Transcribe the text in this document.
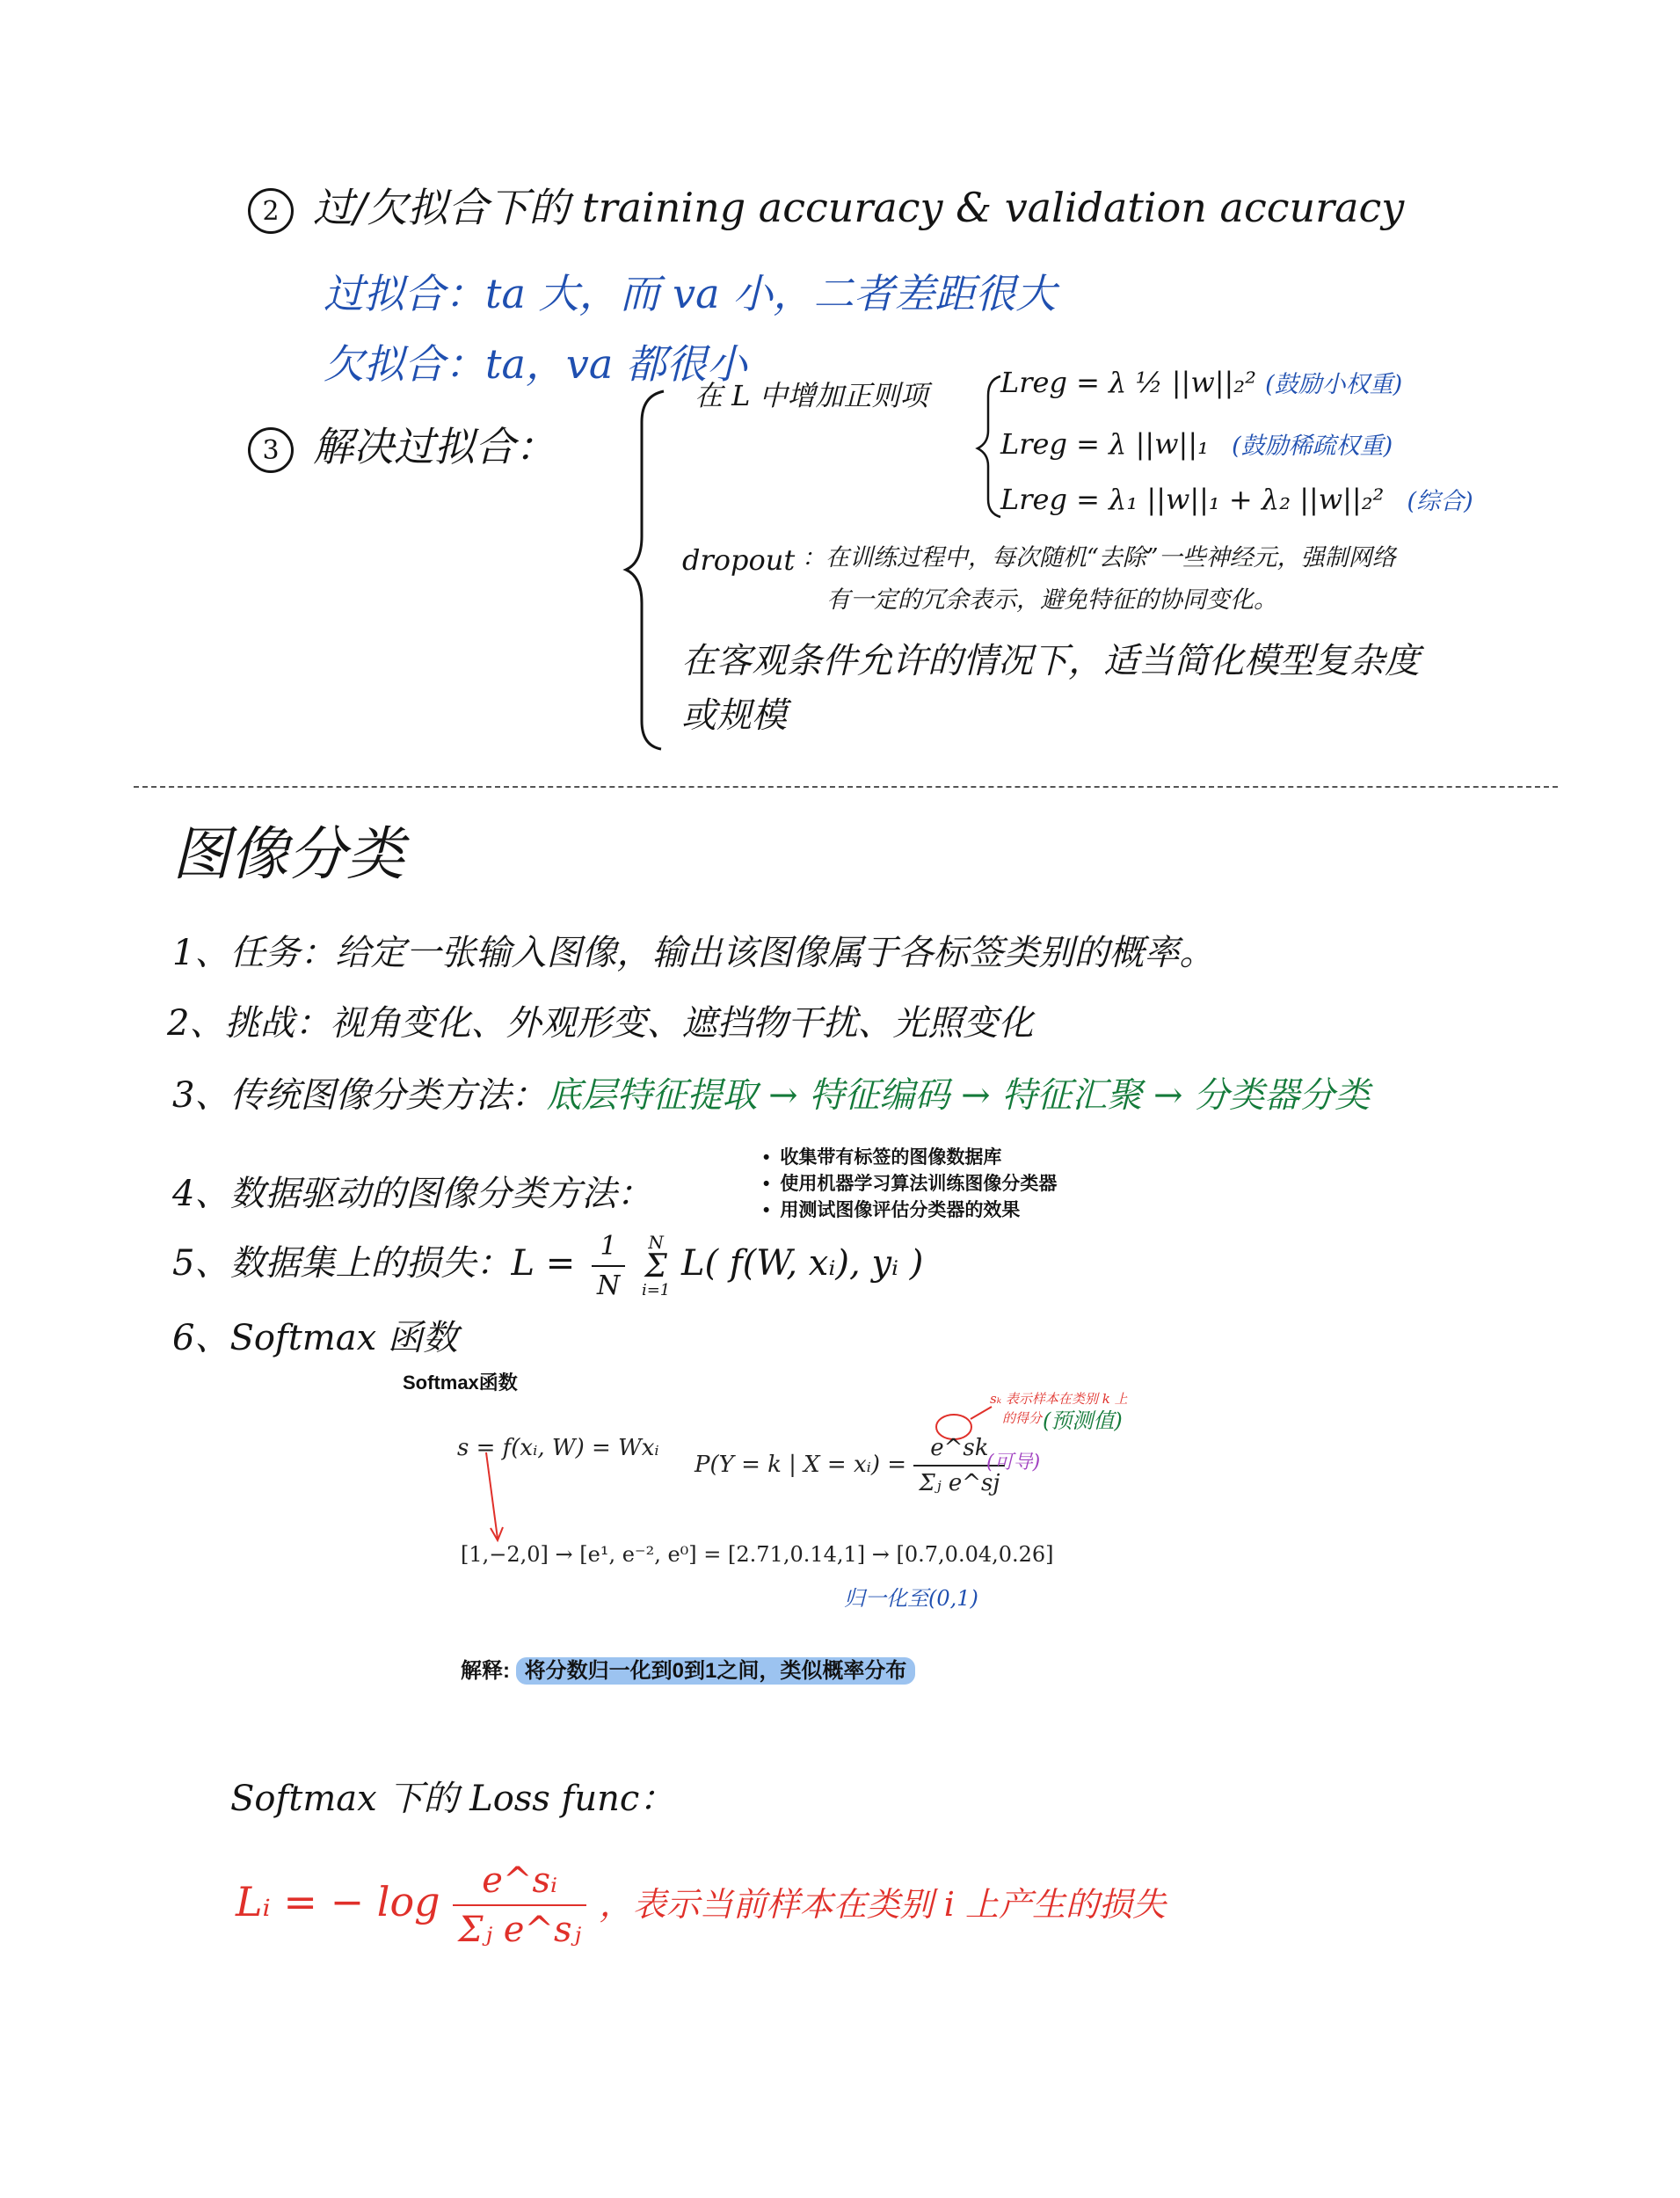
2 过/欠拟合下的 training accuracy & validation accuracy
过拟合：ta 大，而 va 小，二者差距很大
欠拟合：ta，va 都很小
3 解决过拟合：
在 L 中增加正则项	Lreg = λ ½ ||w||₂² (鼓励小权重)
Lreg = λ ||w||₁ (鼓励稀疏权重)
Lreg = λ₁ ||w||₁ + λ₂ ||w||₂² (综合)
dropout ：在训练过程中，每次随机“去除”一些神经元，强制网络
有一定的冗余表示，避免特征的协同变化。
在客观条件允许的情况下，适当简化模型复杂度
或规模
图像分类
1、任务：给定一张输入图像，输出该图像属于各标签类别的概率。
2、挑战：视角变化、外观形变、遮挡物干扰、光照变化
3、传统图像分类方法：底层特征提取 → 特征编码 → 特征汇聚 → 分类器分类
4、数据驱动的图像分类方法：
• 收集带有标签的图像数据库
• 使用机器学习算法训练图像分类器
• 用测试图像评估分类器的效果
5、数据集上的损失：$L = \frac{1}{N}$
	N
Σ
i=1
L( f(W, xᵢ), yᵢ )
6、Softmax 函数
Softmax函数
s = f(xᵢ, W) = Wxᵢ
P(Y = k | X = xᵢ) = $\frac{e\^{}sk}{\text{Σⱼ e\textasciicircum{}sj}}$
sₖ 表示样本在类别 k 上
的得分 (预测值)
(可导)
[1,−2,0] → [e¹, e⁻², e⁰] = [2.71,0.14,1] → [0.7,0.04,0.26]
归一化至(0,1)
解释: 将分数归一化到0到1之间，类似概率分布
Softmax 下的 Loss func：
Lᵢ = − $\log \frac{\text{e\textasciicircum{}sᵢ}}{\text{Σⱼ e\textasciicircum{}sⱼ}}$ ，表示当前样本在类别 i 上产生的损失
